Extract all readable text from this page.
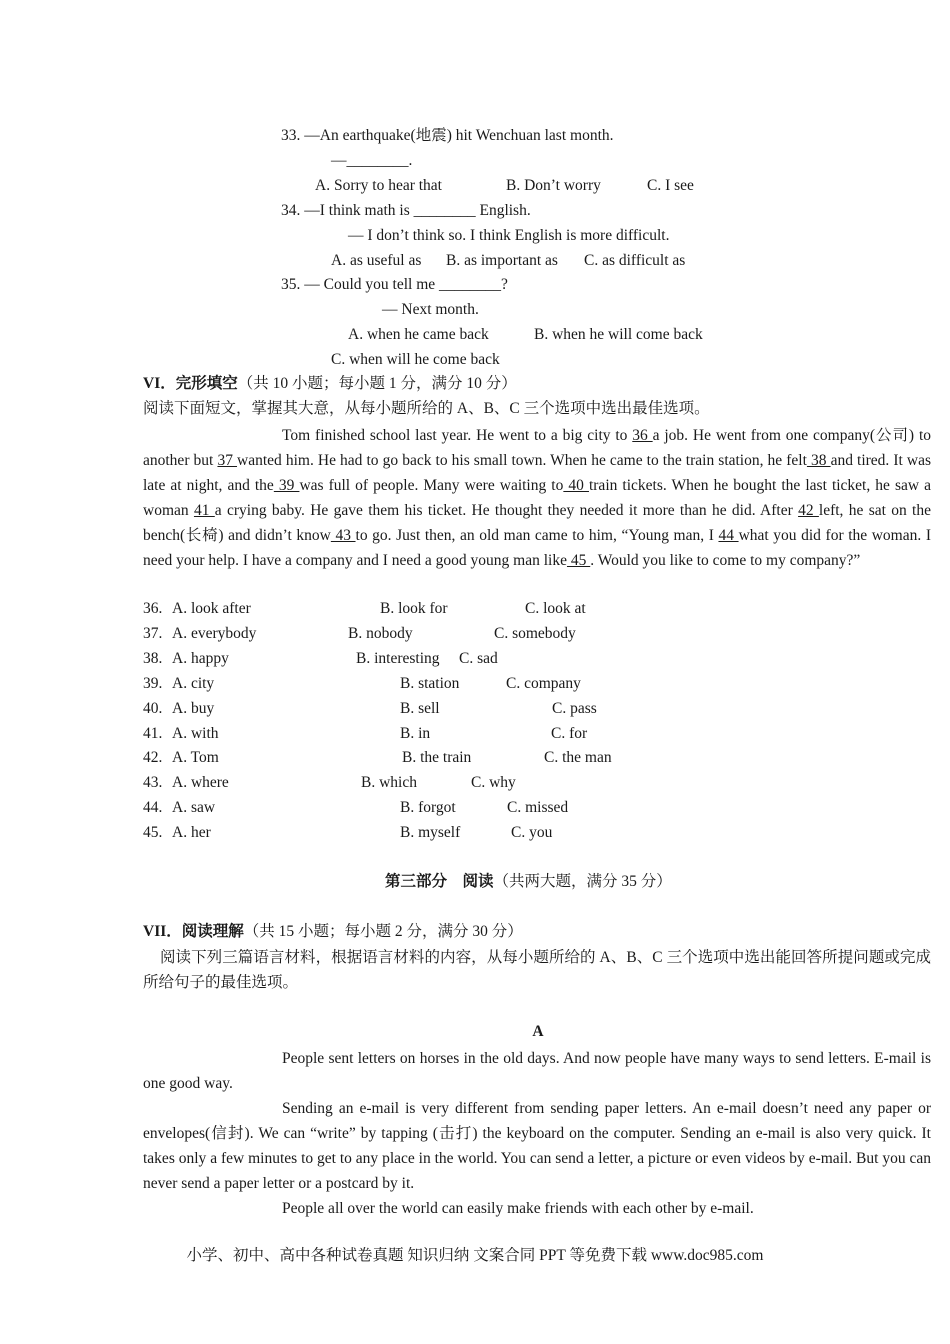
33. —An earthquake(地震) hit Wenchuan last month.
—________.
A. Sorry to hear that	B. Don’t worry	C. I see
34. —I think math is ________ English.
— I don’t think so. I think English is more difficult.
A. as useful as B. as important as C. as difficult as
35. — Could you tell me ________?
— Next month.
A. when he came back	B. when he will come back
C. when will he come back
VI．完形填空（共 10 小题；每小题 1 分，满分 10 分）
阅读下面短文，掌握其大意，从每小题所给的 A、B、C 三个选项中选出最佳选项。

Tom finished school last year. He went to a big city to 36 a job. He went from one company(公司) to another but 37 wanted him. He had to go back to his small town. When he came to the train station, he felt 38 and tired. It was late at night, and the 39 was full of people. Many were waiting to 40 train tickets. When he bought the last ticket, he saw a woman 41 a crying baby. He gave them his ticket. He thought they needed it more than he did. After 42 left, he sat on the bench(长椅) and didn’t know 43 to go. Just then, an old man came to him, “Young man, I 44 what you did for the woman. I need your help. I have a company and I need a good young man like 45 . Would you like to come to my company?”

36. A. look after	B. look for	C. look at
37. A. everybody	B. nobody	C. somebody
38. A. happy	B. interesting C. sad
39. A. city	B. station	C. company
40. A. buy	B. sell	C. pass
41. A. with	B. in	C. for
42. A. Tom	B. the train	C. the man
43. A. where	B. which	C. why
44. A. saw	B. forgot	C. missed
45. A. her	B. myself	C. you
第三部分　阅读（共两大题，满分 35 分）
VII．阅读理解（共 15 小题；每小题 2 分，满分 30 分）

阅读下列三篇语言材料，根据语言材料的内容，从每小题所给的 A、B、C 三个选项中选出能回答所提问题或完成所给句子的最佳选项。

A

People sent letters on horses in the old days. And now people have many ways to send letters. E-mail is one good way.

Sending an e-mail is very different from sending paper letters. An e-mail doesn’t need any paper or envelopes(信封). We can “write” by tapping (击打) the keyboard on the computer. Sending an e-mail is also very quick. It takes only a few minutes to get to any place in the world. You can send a letter, a picture or even videos by e-mail. But you can never send a paper letter or a postcard by it.

People all over the world can easily make friends with each other by e-mail.

小学、初中、高中各种试卷真题 知识归纳 文案合同 PPT 等免费下载 www.doc985.com
